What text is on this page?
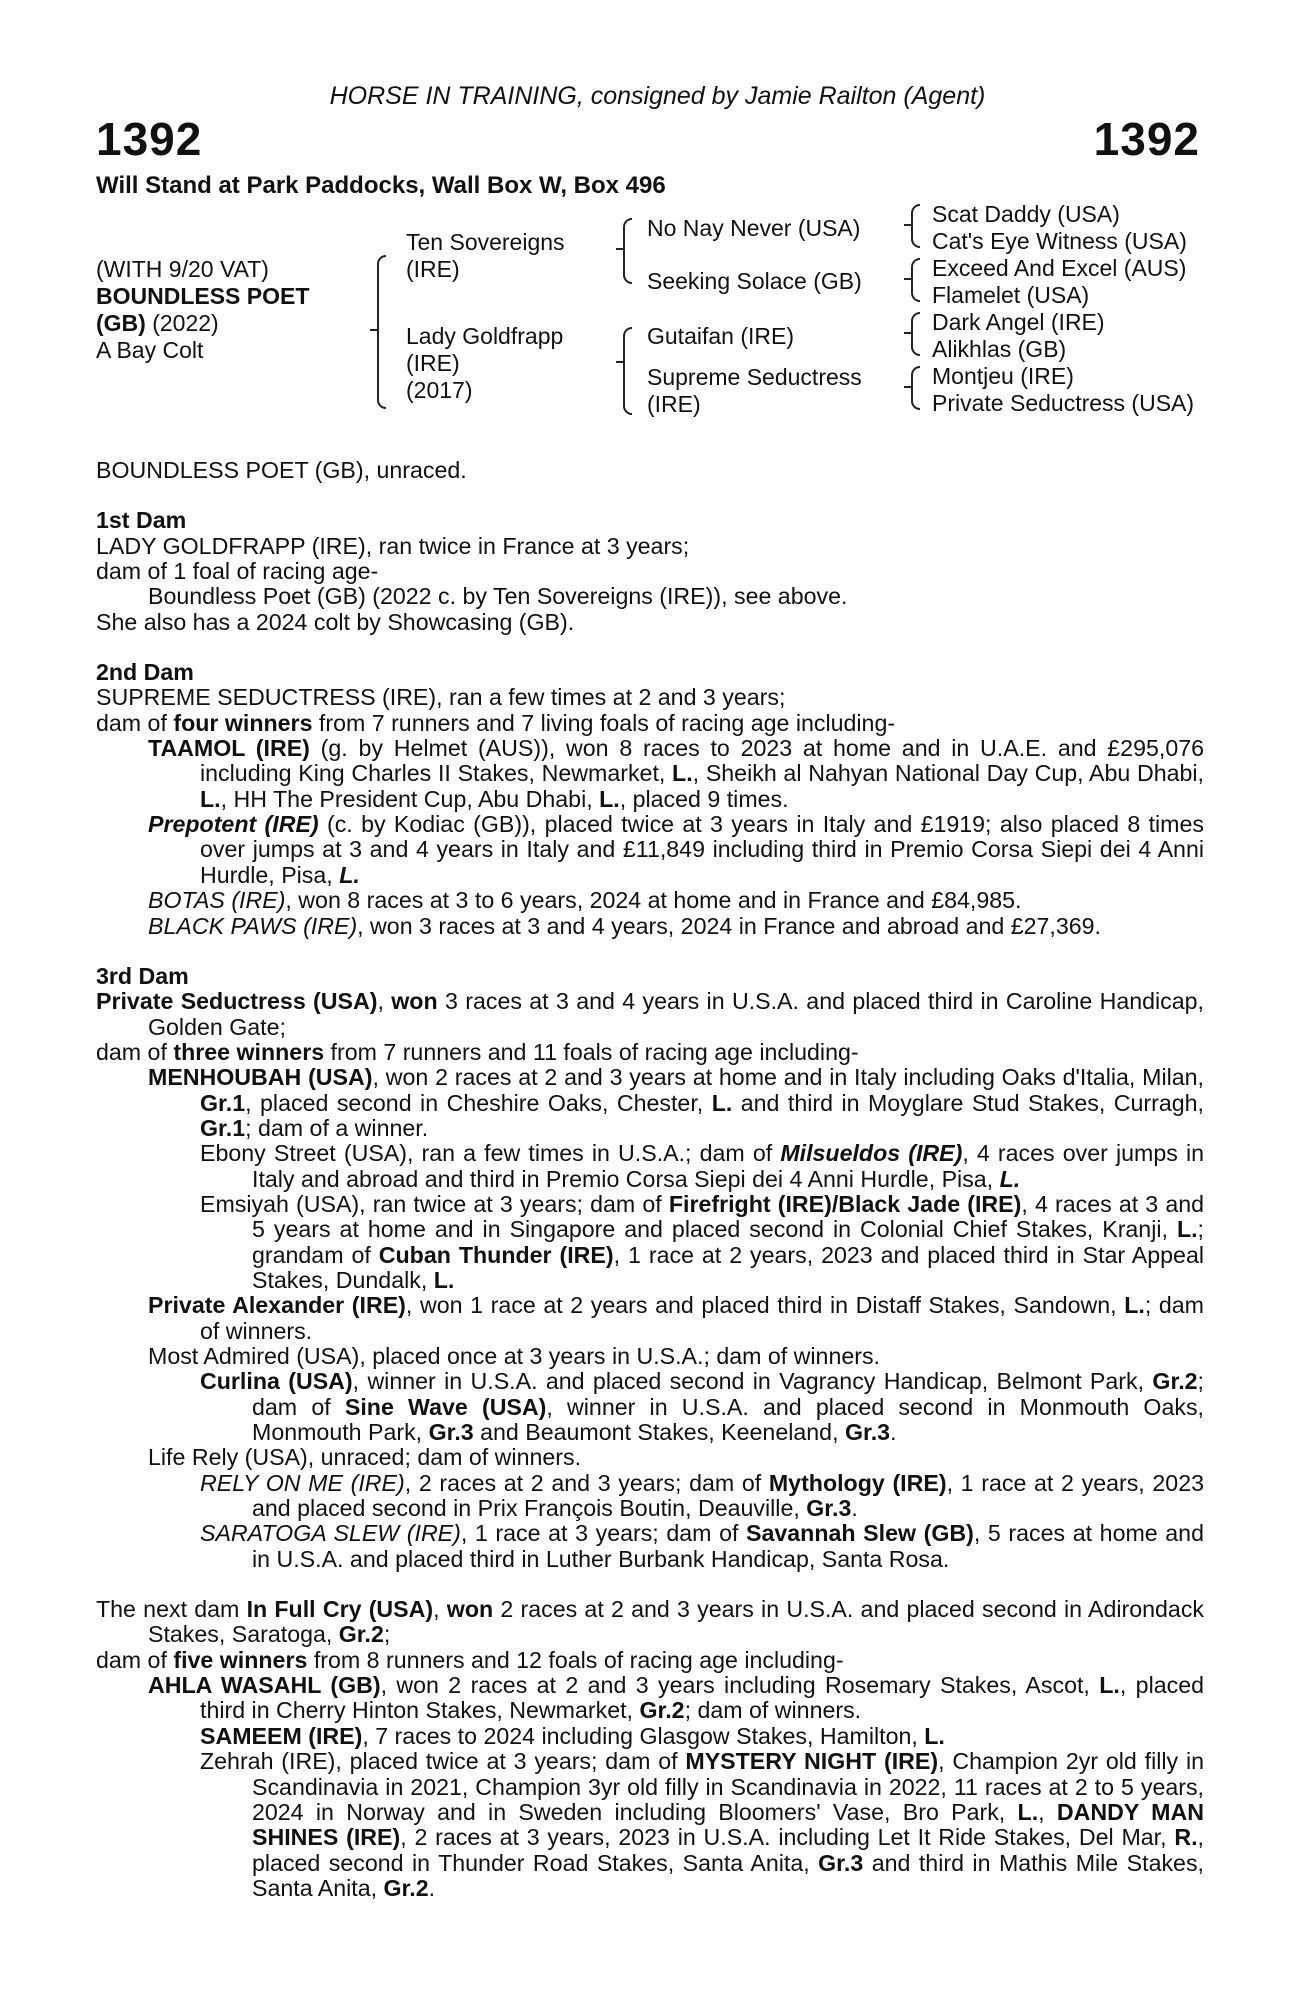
HORSE IN TRAINING, consigned by Jamie Railton (Agent)
1392	1392
Will Stand at Park Paddocks, Wall Box W, Box 496
(WITH 9/20 VAT)
BOUNDLESS POET
(GB) (2022)
A Bay Colt
Ten Sovereigns
(IRE)
Lady Goldfrapp
(IRE)
(2017)
No Nay Never (USA)
Seeking Solace (GB)
Gutaifan (IRE)
Supreme Seductress
(IRE)
Scat Daddy (USA)
Cat's Eye Witness (USA)
Exceed And Excel (AUS)
Flamelet (USA)
Dark Angel (IRE)
Alikhlas (GB)
Montjeu (IRE)
Private Seductress (USA)

BOUNDLESS POET (GB), unraced.

1st Dam

LADY GOLDFRAPP (IRE), ran twice in France at 3 years;

dam of 1 foal of racing age-

Boundless Poet (GB) (2022 c. by Ten Sovereigns (IRE)), see above.

She also has a 2024 colt by Showcasing (GB).

2nd Dam

SUPREME SEDUCTRESS (IRE), ran a few times at 2 and 3 years;

dam of four winners from 7 runners and 7 living foals of racing age including-

TAAMOL (IRE) (g. by Helmet (AUS)), won 8 races to 2023 at home and in U.A.E. and £295,076 including King Charles II Stakes, Newmarket, L., Sheikh al Nahyan National Day Cup, Abu Dhabi, L., HH The President Cup, Abu Dhabi, L., placed 9 times.

Prepotent (IRE) (c. by Kodiac (GB)), placed twice at 3 years in Italy and £1919; also placed 8 times over jumps at 3 and 4 years in Italy and £11,849 including third in Premio Corsa Siepi dei 4 Anni Hurdle, Pisa, L.

BOTAS (IRE), won 8 races at 3 to 6 years, 2024 at home and in France and £84,985.

BLACK PAWS (IRE), won 3 races at 3 and 4 years, 2024 in France and abroad and £27,369.

3rd Dam

Private Seductress (USA), won 3 races at 3 and 4 years in U.S.A. and placed third in Caroline Handicap, Golden Gate;

dam of three winners from 7 runners and 11 foals of racing age including-

MENHOUBAH (USA), won 2 races at 2 and 3 years at home and in Italy including Oaks d'Italia, Milan, Gr.1, placed second in Cheshire Oaks, Chester, L. and third in Moyglare Stud Stakes, Curragh, Gr.1; dam of a winner.

Ebony Street (USA), ran a few times in U.S.A.; dam of Milsueldos (IRE), 4 races over jumps in Italy and abroad and third in Premio Corsa Siepi dei 4 Anni Hurdle, Pisa, L.

Emsiyah (USA), ran twice at 3 years; dam of Firefright (IRE)/Black Jade (IRE), 4 races at 3 and 5 years at home and in Singapore and placed second in Colonial Chief Stakes, Kranji, L.; grandam of Cuban Thunder (IRE), 1 race at 2 years, 2023 and placed third in Star Appeal Stakes, Dundalk, L.

Private Alexander (IRE), won 1 race at 2 years and placed third in Distaff Stakes, Sandown, L.; dam of winners.

Most Admired (USA), placed once at 3 years in U.S.A.; dam of winners.

Curlina (USA), winner in U.S.A. and placed second in Vagrancy Handicap, Belmont Park, Gr.2; dam of Sine Wave (USA), winner in U.S.A. and placed second in Monmouth Oaks, Monmouth Park, Gr.3 and Beaumont Stakes, Keeneland, Gr.3.

Life Rely (USA), unraced; dam of winners.

RELY ON ME (IRE), 2 races at 2 and 3 years; dam of Mythology (IRE), 1 race at 2 years, 2023 and placed second in Prix François Boutin, Deauville, Gr.3.

SARATOGA SLEW (IRE), 1 race at 3 years; dam of Savannah Slew (GB), 5 races at home and in U.S.A. and placed third in Luther Burbank Handicap, Santa Rosa.

The next dam In Full Cry (USA), won 2 races at 2 and 3 years in U.S.A. and placed second in Adirondack Stakes, Saratoga, Gr.2;

dam of five winners from 8 runners and 12 foals of racing age including-

AHLA WASAHL (GB), won 2 races at 2 and 3 years including Rosemary Stakes, Ascot, L., placed third in Cherry Hinton Stakes, Newmarket, Gr.2; dam of winners.

SAMEEM (IRE), 7 races to 2024 including Glasgow Stakes, Hamilton, L.

Zehrah (IRE), placed twice at 3 years; dam of MYSTERY NIGHT (IRE), Champion 2yr old filly in Scandinavia in 2021, Champion 3yr old filly in Scandinavia in 2022, 11 races at 2 to 5 years, 2024 in Norway and in Sweden including Bloomers' Vase, Bro Park, L., DANDY MAN SHINES (IRE), 2 races at 3 years, 2023 in U.S.A. including Let It Ride Stakes, Del Mar, R., placed second in Thunder Road Stakes, Santa Anita, Gr.3 and third in Mathis Mile Stakes, Santa Anita, Gr.2.
